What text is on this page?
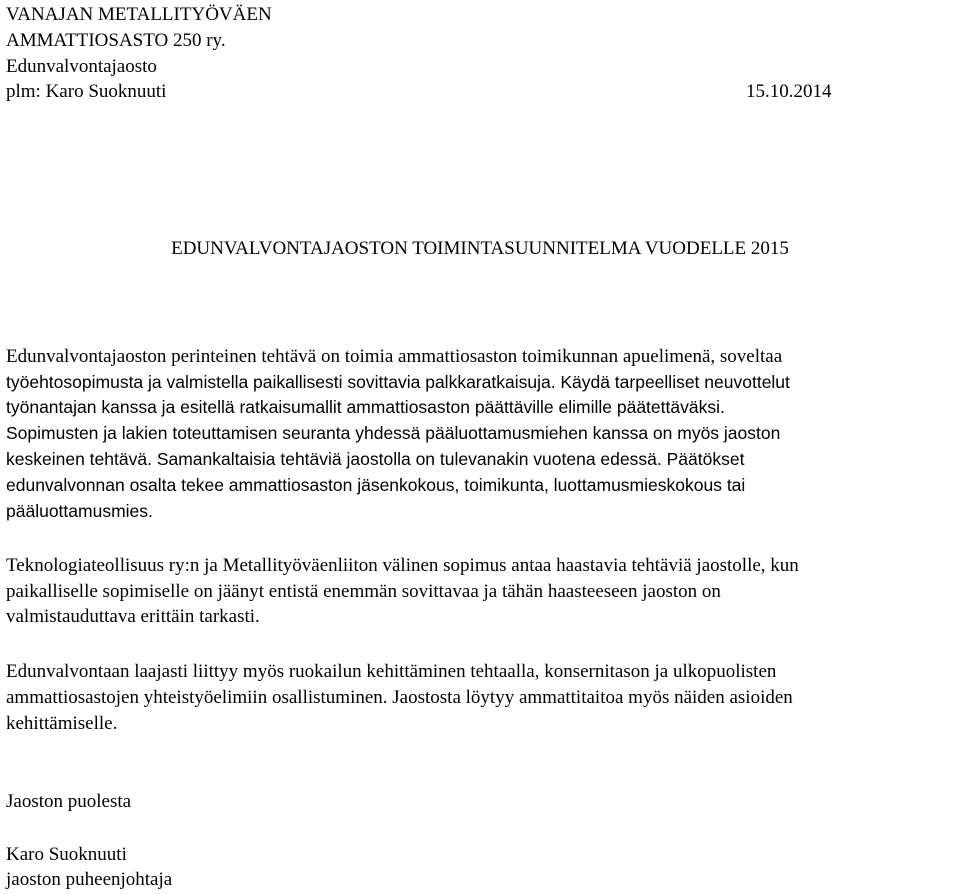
VANAJAN METALLITYÖVÄEN
AMMATTIOSASTO 250 ry.
Edunvalvontajaosto
plm: Karo Suoknuuti	15.10.2014
EDUNVALVONTAJAOSTON TOIMINTASUUNNITELMA VUODELLE 2015
Edunvalvontajaoston perinteinen tehtävä on toimia ammattiosaston toimikunnan apuelimenä, soveltaa
työehtosopimusta ja valmistella paikallisesti sovittavia palkkaratkaisuja. Käydä tarpeelliset neuvottelut
työnantajan kanssa ja esitellä ratkaisumallit ammattiosaston päättäville elimille päätettäväksi.
Sopimusten ja lakien toteuttamisen seuranta yhdessä pääluottamusmiehen kanssa on myös jaoston
keskeinen tehtävä. Samankaltaisia tehtäviä jaostolla on tulevanakin vuotena edessä. Päätökset
edunvalvonnan osalta tekee ammattiosaston jäsenkokous, toimikunta, luottamusmieskokous tai
pääluottamusmies.
Teknologiateollisuus ry:n ja Metallityöväenliiton välinen sopimus antaa haastavia tehtäviä jaostolle, kun
paikalliselle sopimiselle on jäänyt entistä enemmän sovittavaa ja tähän haasteeseen jaoston on
valmistauduttava erittäin tarkasti.
Edunvalvontaan laajasti liittyy myös ruokailun kehittäminen tehtaalla, konsernitason ja ulkopuolisten
ammattiosastojen yhteistyöelimiin osallistuminen. Jaostosta löytyy ammattitaitoa myös näiden asioiden
kehittämiselle.
Jaoston puolesta
Karo Suoknuuti
jaoston puheenjohtaja
